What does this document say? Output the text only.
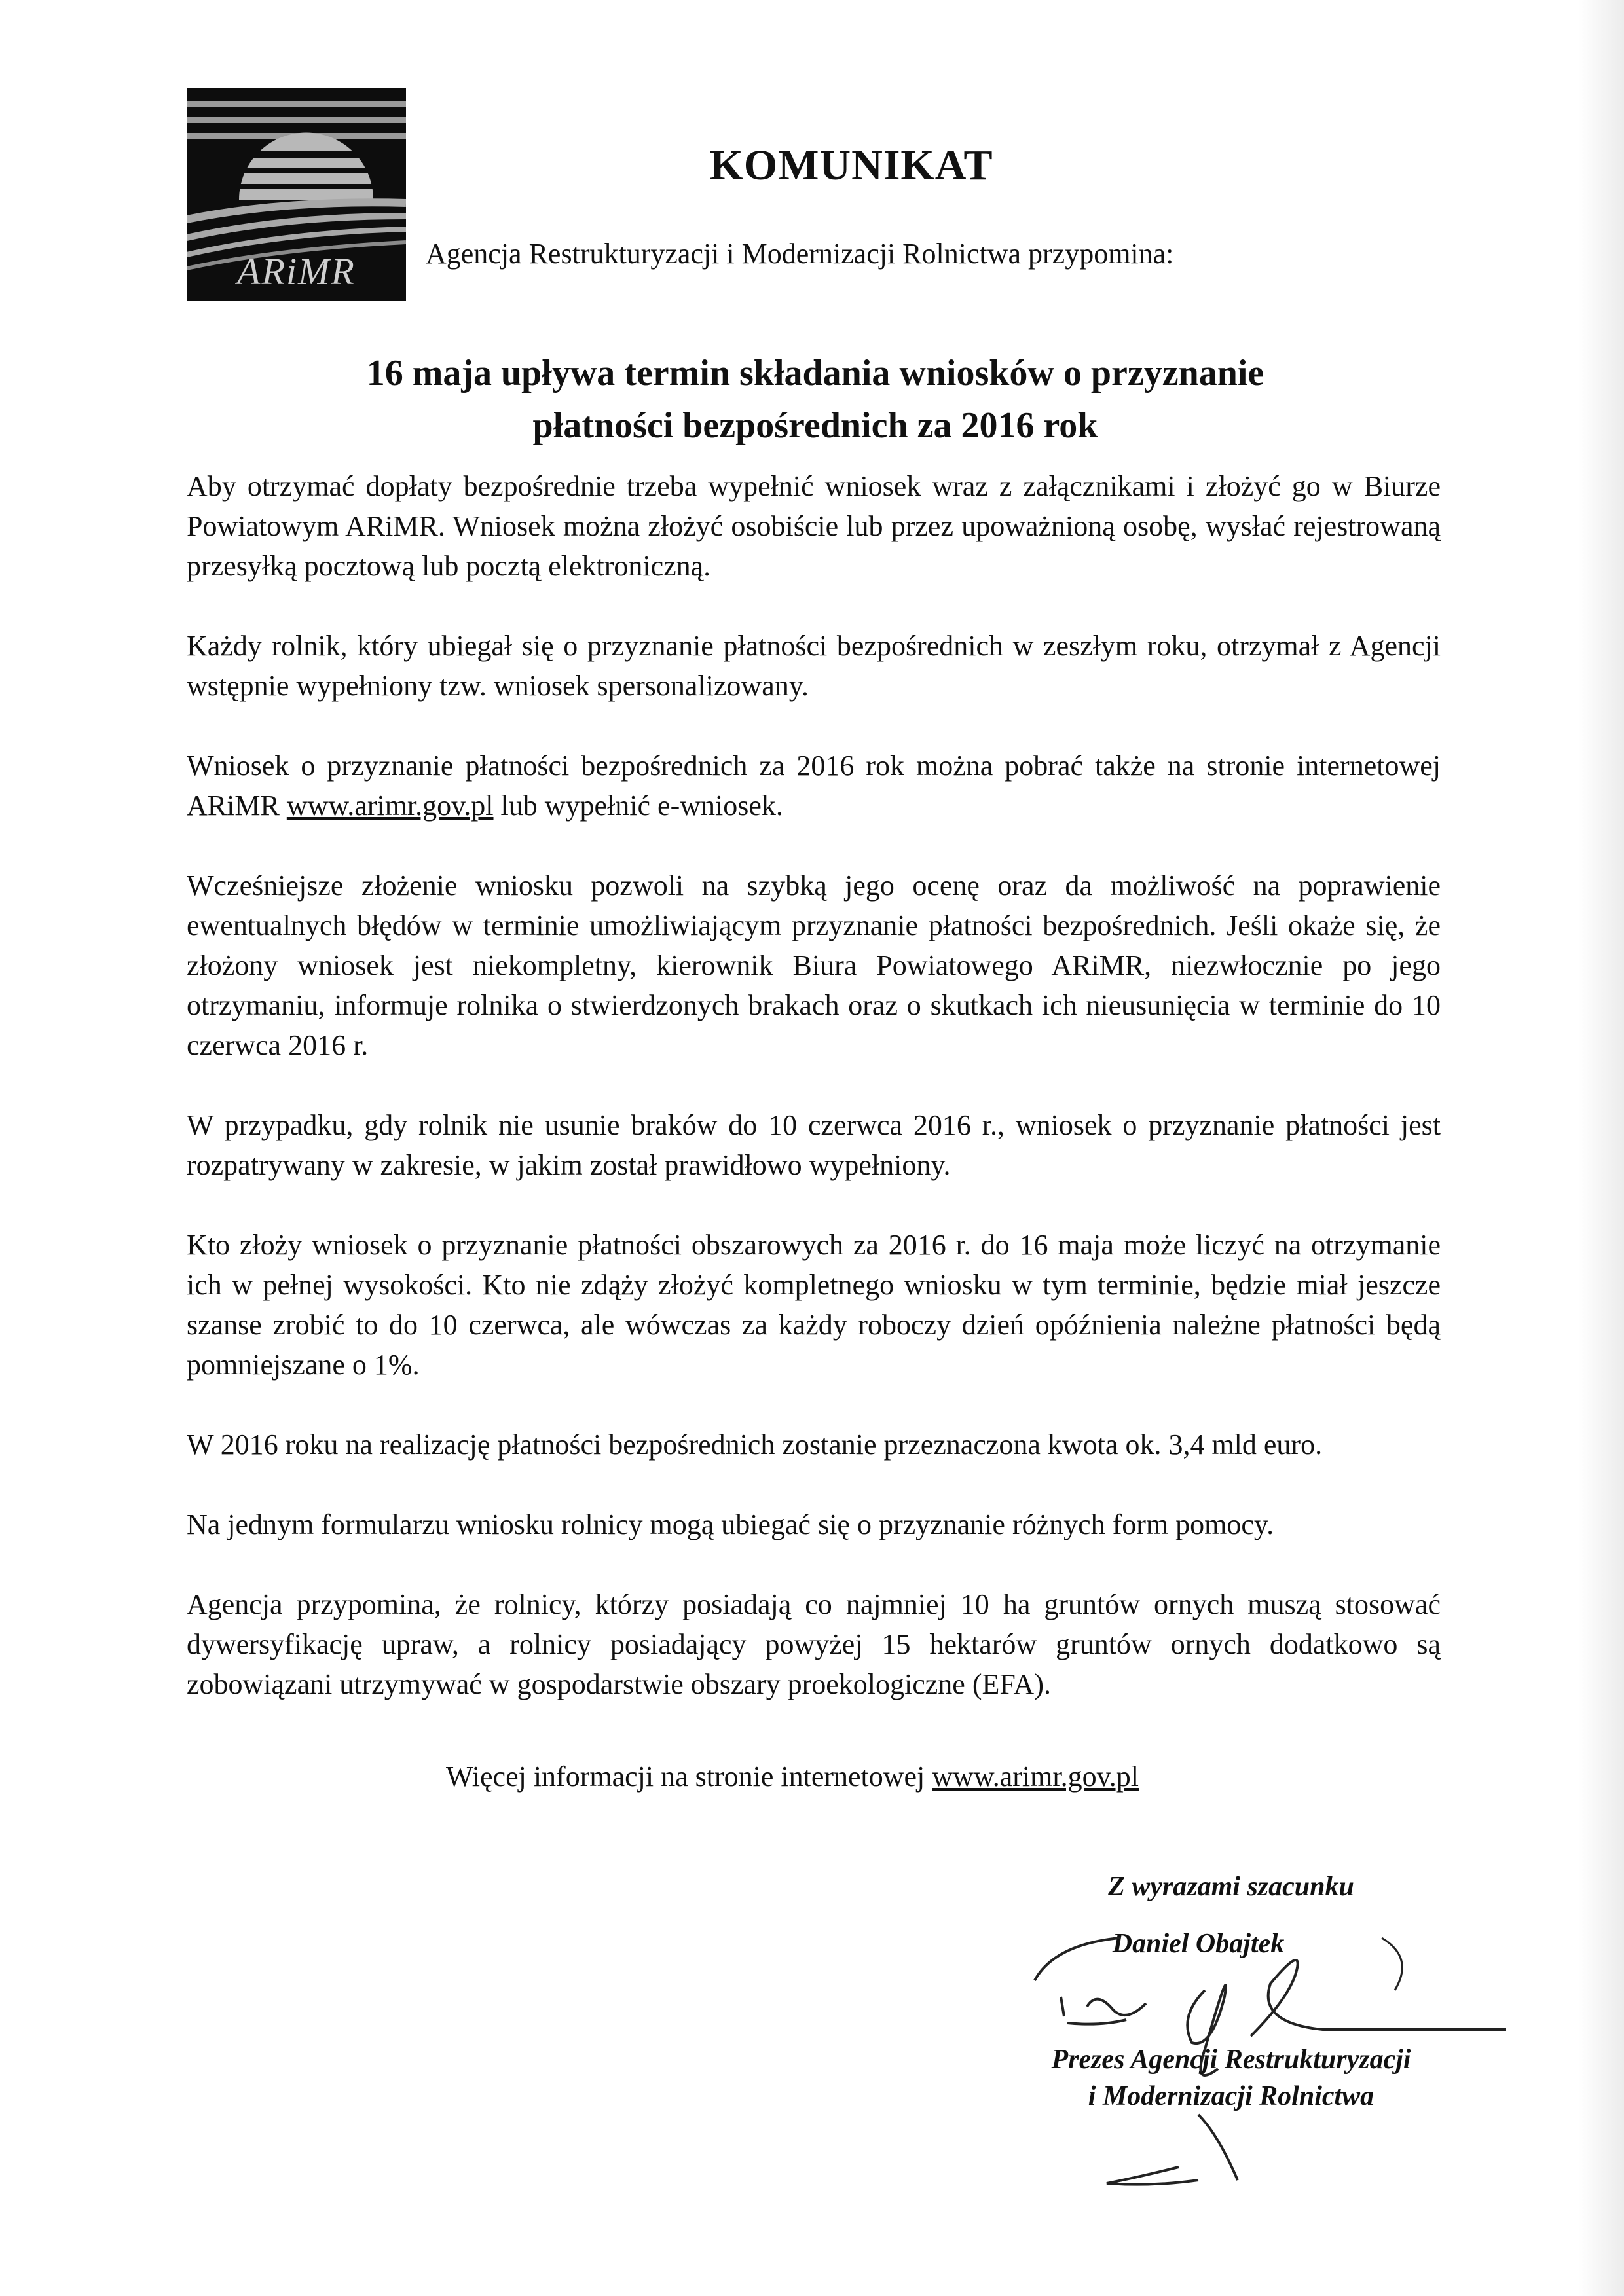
ARiMR
KOMUNIKAT

Agencja Restrukturyzacji i Modernizacji Rolnictwa przypomina:

16 maja upływa termin składania wniosków o przyznanie
płatności bezpośrednich za 2016 rok

Aby otrzymać dopłaty bezpośrednie trzeba wypełnić wniosek wraz z załącznikami i złożyć go w Biurze Powiatowym ARiMR. Wniosek można złożyć osobiście lub przez upoważnioną osobę, wysłać rejestrowaną przesyłką pocztową lub pocztą elektroniczną.

Każdy rolnik, który ubiegał się o przyznanie płatności bezpośrednich w zeszłym roku, otrzymał z Agencji wstępnie wypełniony tzw. wniosek spersonalizowany.

Wniosek o przyznanie płatności bezpośrednich za 2016 rok można pobrać także na stronie internetowej ARiMR www.arimr.gov.pl lub wypełnić e-wniosek.

Wcześniejsze złożenie wniosku pozwoli na szybką jego ocenę oraz da możliwość na poprawienie ewentualnych błędów w terminie umożliwiającym przyznanie płatności bezpośrednich. Jeśli okaże się, że złożony wniosek jest niekompletny, kierownik Biura Powiatowego ARiMR, niezwłocznie po jego otrzymaniu, informuje rolnika o stwierdzonych brakach oraz o skutkach ich nieusunięcia w terminie do 10 czerwca 2016 r.

W przypadku, gdy rolnik nie usunie braków do 10 czerwca 2016 r., wniosek o przyznanie płatności jest rozpatrywany w zakresie, w jakim został prawidłowo wypełniony.

Kto złoży wniosek o przyznanie płatności obszarowych za 2016 r. do 16 maja może liczyć na otrzymanie ich w pełnej wysokości. Kto nie zdąży złożyć kompletnego wniosku w tym terminie, będzie miał jeszcze szanse zrobić to do 10 czerwca, ale wówczas za każdy roboczy dzień opóźnienia należne płatności będą pomniejszane o 1%.

W 2016 roku na realizację płatności bezpośrednich zostanie przeznaczona kwota ok. 3,4 mld euro.

Na jednym formularzu wniosku rolnicy mogą ubiegać się o przyznanie różnych form pomocy.

Agencja przypomina, że rolnicy, którzy posiadają co najmniej 10 ha gruntów ornych muszą stosować dywersyfikację upraw, a rolnicy posiadający powyżej 15 hektarów gruntów ornych dodatkowo są zobowiązani utrzymywać w gospodarstwie obszary proekologiczne (EFA).

Więcej informacji na stronie internetowej www.arimr.gov.pl

Z wyrazami szacunku

Daniel Obajtek

Prezes Agencji Restrukturyzacji
i Modernizacji Rolnictwa
